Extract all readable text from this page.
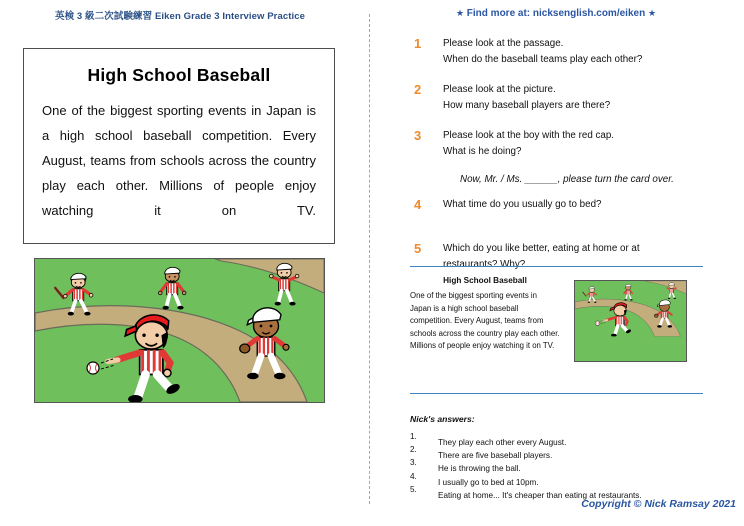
英検 3 級二次試験練習 Eiken Grade 3 Interview Practice	★ Find more at: nicksenglish.com/eiken ★
High School Baseball
One of the biggest sporting events in Japan is a high school baseball competition. Every August, teams from schools across the country play each other. Millions of people enjoy watching it on TV.
1 Please look at the passage.
When do the baseball teams play each other?
2 Please look at the picture.
How many baseball players are there?
3 Please look at the boy with the red cap.
What is he doing?
Now, Mr. / Ms. ______, please turn the card over.
4 What time do you usually go to bed?
5 Which do you like better, eating at home or at
restaurants? Why?
High School Baseball
One of the biggest sporting events in Japan is a high school baseball competition. Every August, teams from schools across the country play each other. Millions of people enjoy watching it on TV.
Nick's answers:
1.
They play each other every August.
2.
There are five baseball players.
3.
He is throwing the ball.
4.
I usually go to bed at 10pm.
5.
Eating at home... It's cheaper than eating at restaurants.
Copyright © Nick Ramsay 2021
